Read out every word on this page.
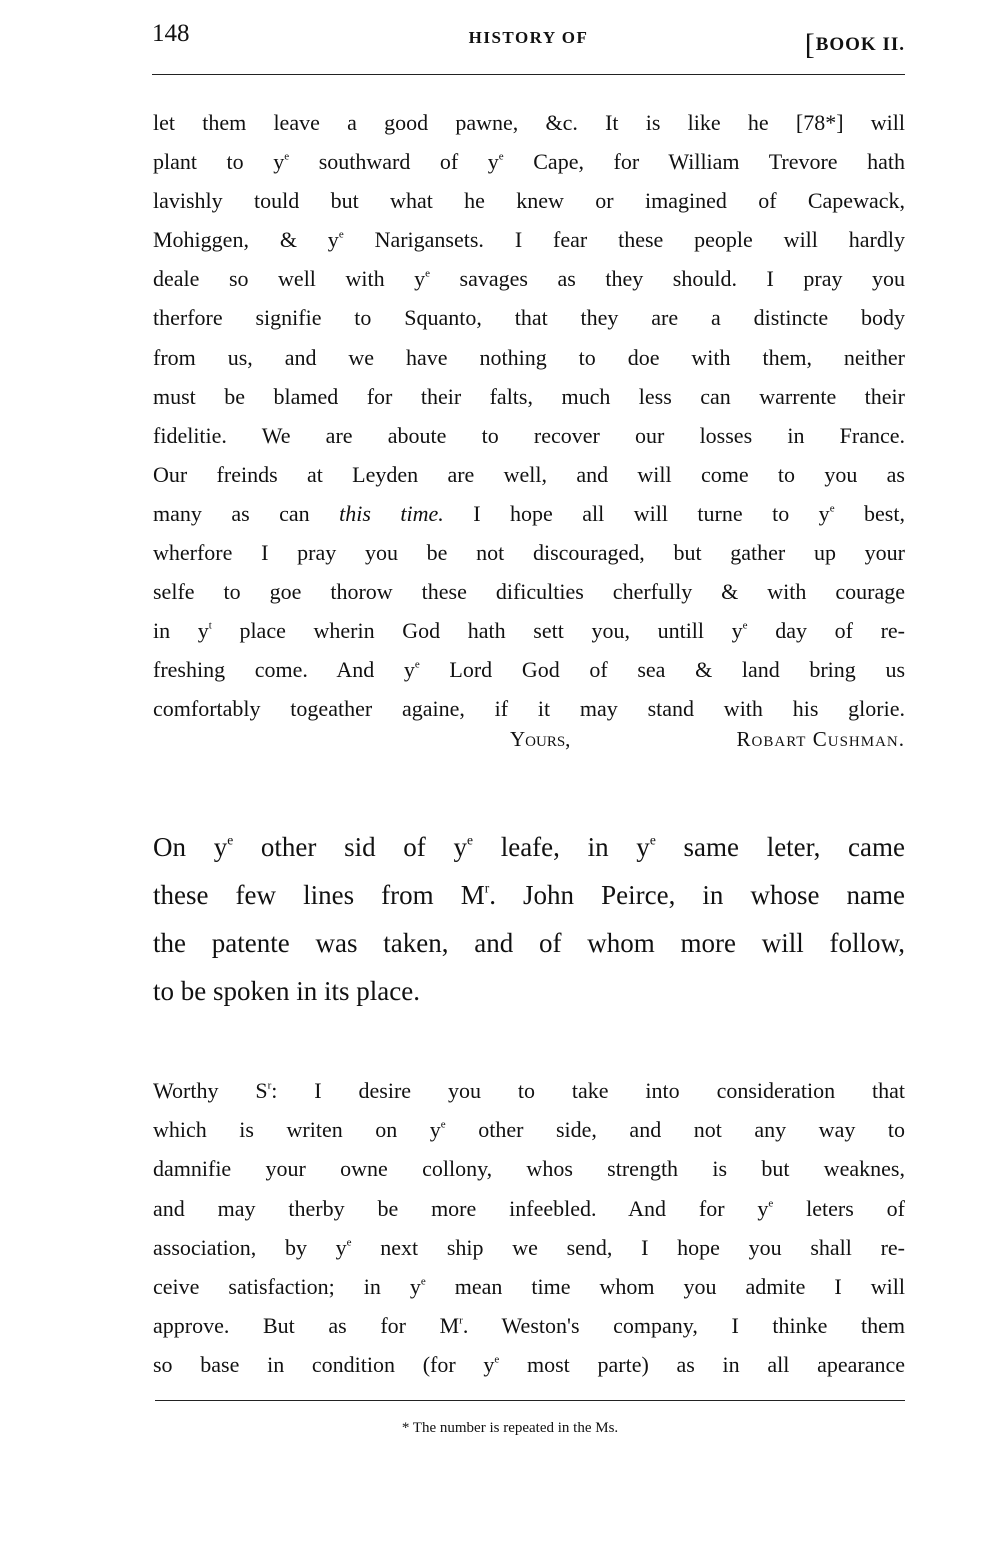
148	HISTORY OF	[BOOK II.
let them leave a good pawne, &c. It is like he [78*] will
plant to $y^e$ southward of $y^e$ Cape, for William Trevore hath
lavishly tould but what he knew or imagined of Capewack,
Mohiggen, & $y^e$ Narigansets. I fear these people will hardly
deale so well with $y^e$ savages as they should. I pray you
therfore signifie to Squanto, that they are a distincte body
from us, and we have nothing to doe with them, neither
must be blamed for their falts, much less can warrente their
fidelitie. We are aboute to recover our losses in France.
Our freinds at Leyden are well, and will come to you as
many as can this time. I hope all will turne to $y^e$ best,
wherfore I pray you be not discouraged, but gather up your
selfe to goe thorow these dificulties cherfully & with courage
in $y^t$ place wherin God hath sett you, untill $y^e$ day of re-
freshing come. And $y^e$ Lord God of sea & land bring us
comfortably togeather againe, if it may stand with his glorie.
Yours,	Robart Cushman.
On $y^e$ other sid of $y^e$ leafe, in $y^e$ same leter, came
these few lines from $M^r$. John Peirce, in whose name
the patente was taken, and of whom more will follow,
to be spoken in its place.
Worthy $S^r$: I desire you to take into consideration that
which is writen on $y^e$ other side, and not any way to
damnifie your owne collony, whos strength is but weaknes,
and may therby be more infeebled. And for $y^e$ leters of
association, by $y^e$ next ship we send, I hope you shall re-
ceive satisfaction; in $y^e$ mean time whom you admite I will
approve. But as for $M^r$. Weston's company, I thinke them
so base in condition (for $y^e$ most parte) as in all apearance
* The number is repeated in the Ms.
